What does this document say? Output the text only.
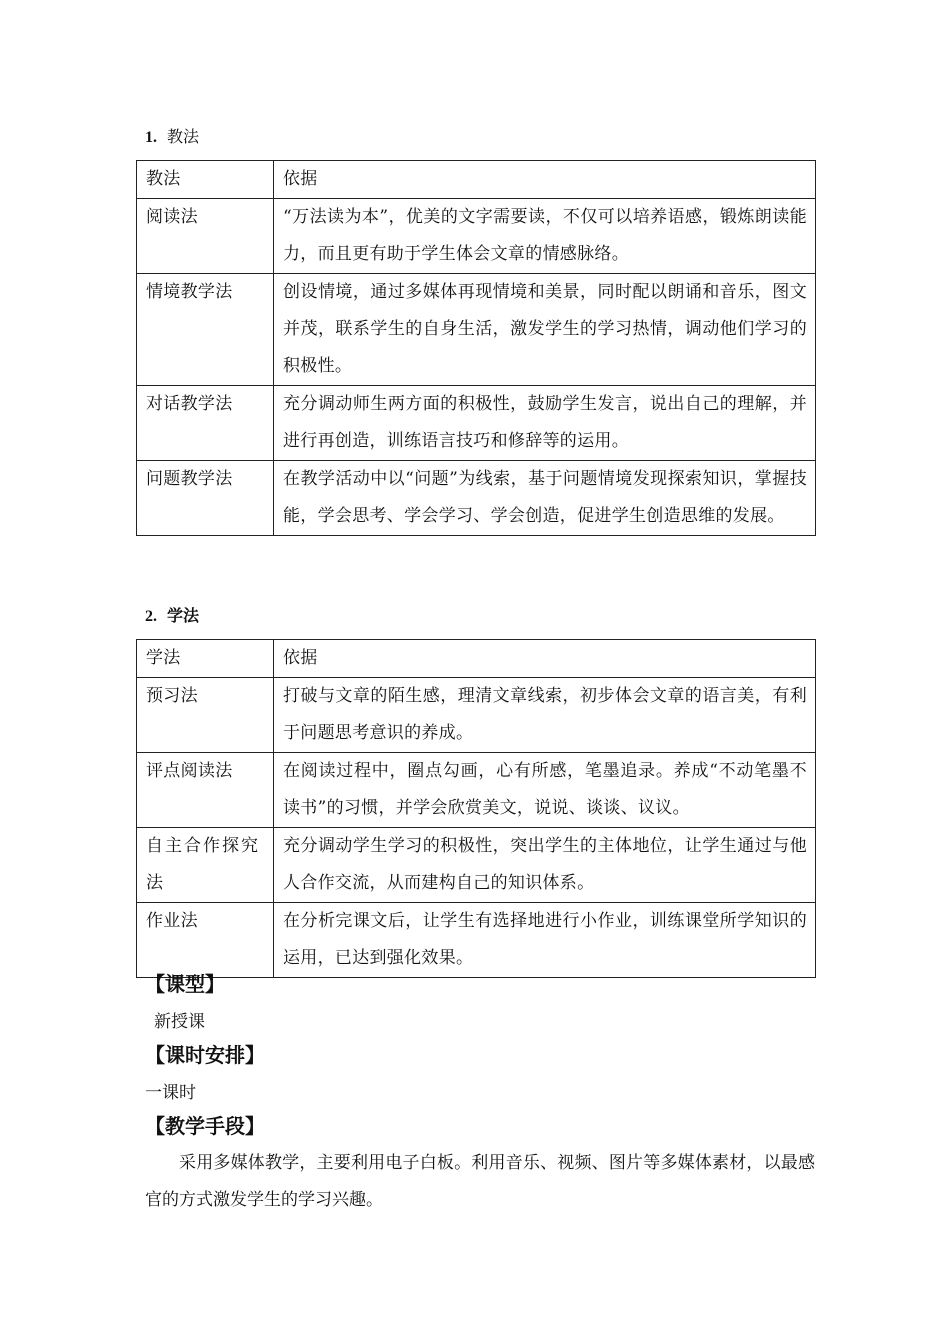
1. 教法
教法	依据
阅读法	“万法读为本”，优美的文字需要读，不仅可以培养语感，锻炼朗读能力，而且更有助于学生体会文章的情感脉络。
情境教学法	创设情境，通过多媒体再现情境和美景，同时配以朗诵和音乐，图文并茂，联系学生的自身生活，激发学生的学习热情，调动他们学习的积极性。
对话教学法	充分调动师生两方面的积极性，鼓励学生发言，说出自己的理解，并进行再创造，训练语言技巧和修辞等的运用。
问题教学法	在教学活动中以“问题”为线索，基于问题情境发现探索知识，掌握技能，学会思考、学会学习、学会创造，促进学生创造思维的发展。
2. 学法
学法	依据
预习法	打破与文章的陌生感，理清文章线索，初步体会文章的语言美，有利于问题思考意识的养成。
评点阅读法	在阅读过程中，圈点勾画，心有所感，笔墨追录。养成“不动笔墨不读书”的习惯，并学会欣赏美文，说说、谈谈、议议。
自主合作探究法	充分调动学生学习的积极性，突出学生的主体地位，让学生通过与他人合作交流，从而建构自己的知识体系。
作业法	在分析完课文后，让学生有选择地进行小作业，训练课堂所学知识的运用，已达到强化效果。
【课型】
新授课
【课时安排】
一课时
【教学手段】
采用多媒体教学，主要利用电子白板。利用音乐、视频、图片等多媒体素材，以最感官的方式激发学生的学习兴趣。
